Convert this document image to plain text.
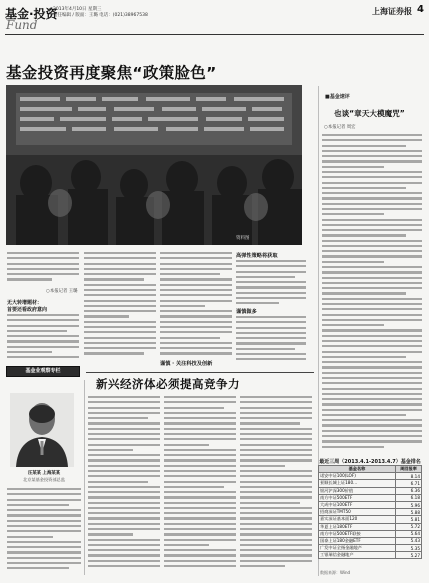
基金·投资
Fund
2013年4月10日 星期三
责任编辑 / 版面：王璐 电话：(021)38967538	上海证券报 4
基金投资再度聚焦“政策脸色”
资料图
■基金速评
也谈“章天大模魔咒”
○本报记者 周宏
○本报记者 王璐
无大转增题材：
首要还看政府意向
高弹性策略将获取
谨慎做多
谨慎 · 关注科技及创新
基金业观察专栏
汪某某 上海某某
北京某基金投资部总监
新兴经济体必须提高竞争力
最近三周（2013.4.1-2013.4.7）基金排名
基金名称	周回报率
诺安中证100(LOF)	8.14
景顺长城上证180...	6.71
银河沪深300价值	6.36
南方中证500ETF	6.18
大成中证100ETF	5.96
招商深证TMT50	5.88
嘉实深证基本面120	5.81
华夏上证180ETF	5.72
南方中证500ETF联接	5.64
国泰上证180金融ETF	5.43
广发中证全指金融地产	5.35
工银瑞信金融地产	5.27
数据来源：Wind
